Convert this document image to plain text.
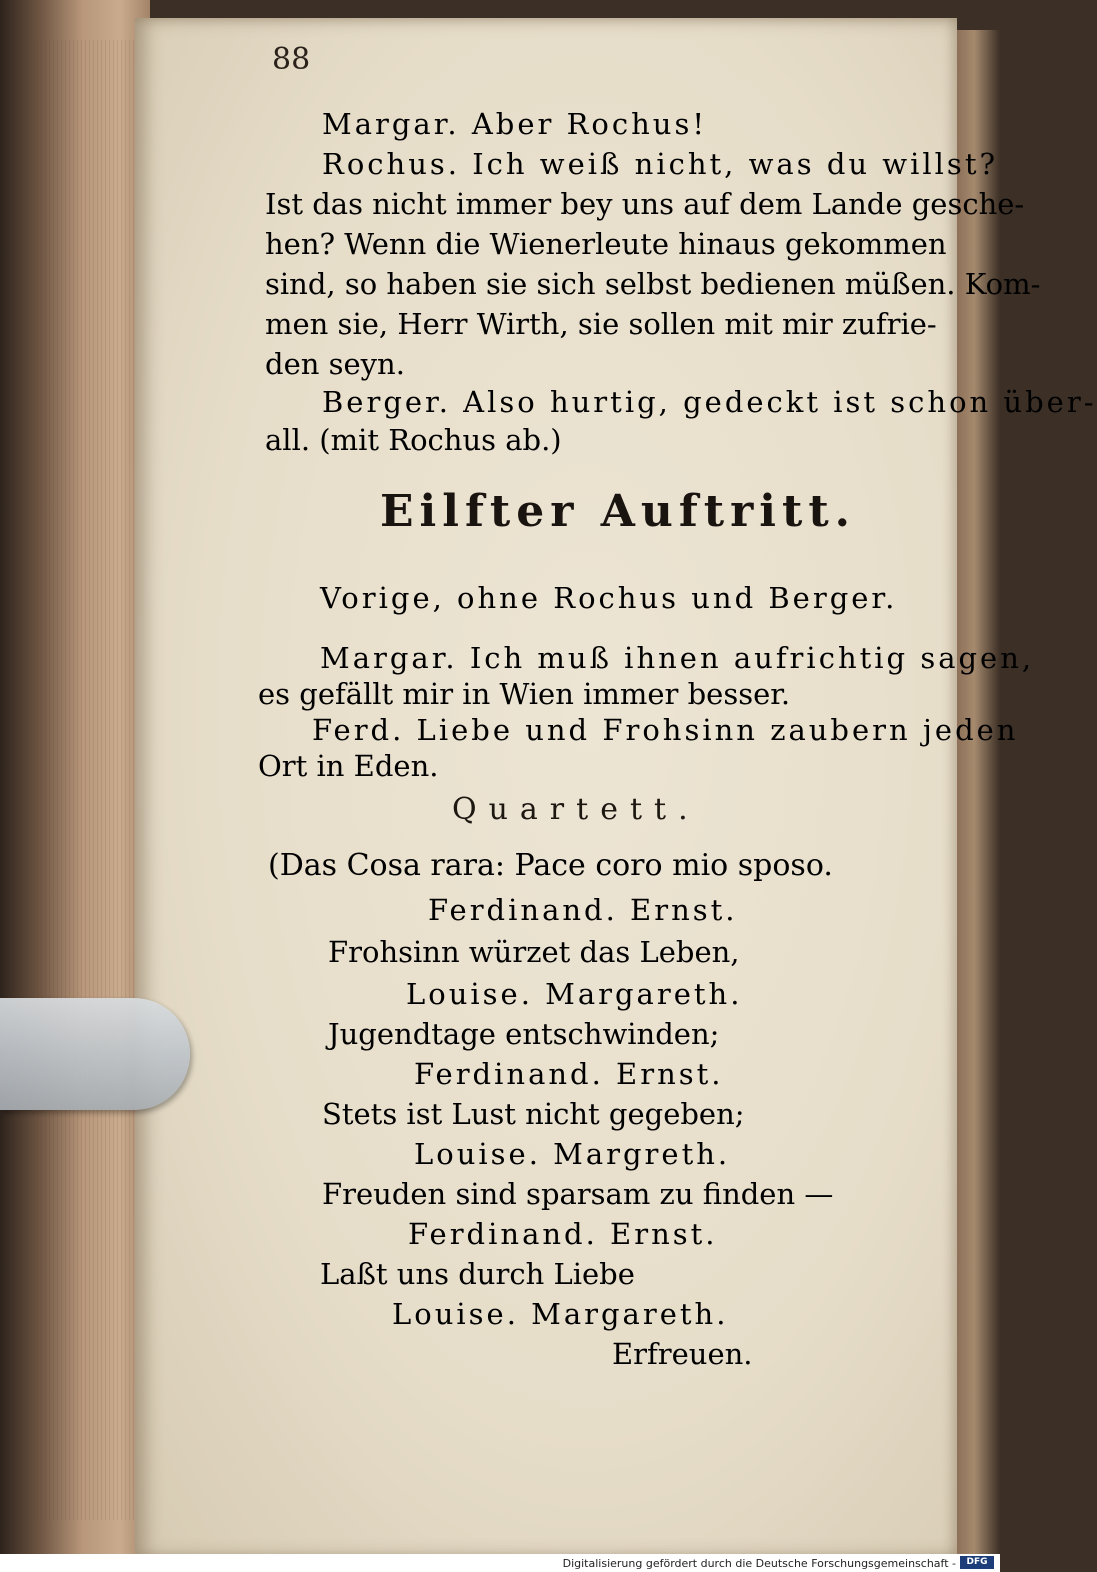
88
Margar. Aber Rochus!
Rochus. Ich weiß nicht, was du willst?
Ist das nicht immer bey uns auf dem Lande gesche-
hen? Wenn die Wienerleute hinaus gekommen
sind, so haben sie sich selbst bedienen müßen. Kom-
men sie, Herr Wirth, sie sollen mit mir zufrie-
den seyn.
Berger. Also hurtig, gedeckt ist schon über-
all. (mit Rochus ab.)
Eilfter Auftritt.
Vorige, ohne Rochus und Berger.
Margar. Ich muß ihnen aufrichtig sagen,
es gefällt mir in Wien immer besser.
Ferd. Liebe und Frohsinn zaubern jeden
Ort in Eden.
Quartett.
(Das Cosa rara: Pace coro mio sposo.
Ferdinand. Ernst.
Frohsinn würzet das Leben,
Louise. Margareth.
Jugendtage entschwinden;
Ferdinand. Ernst.
Stets ist Lust nicht gegeben;
Louise. Margreth.
Freuden sind sparsam zu finden —
Ferdinand. Ernst.
Laßt uns durch Liebe
Louise. Margareth.
Erfreuen.
Digitalisierung gefördert durch die Deutsche Forschungsgemeinschaft -	DFG
